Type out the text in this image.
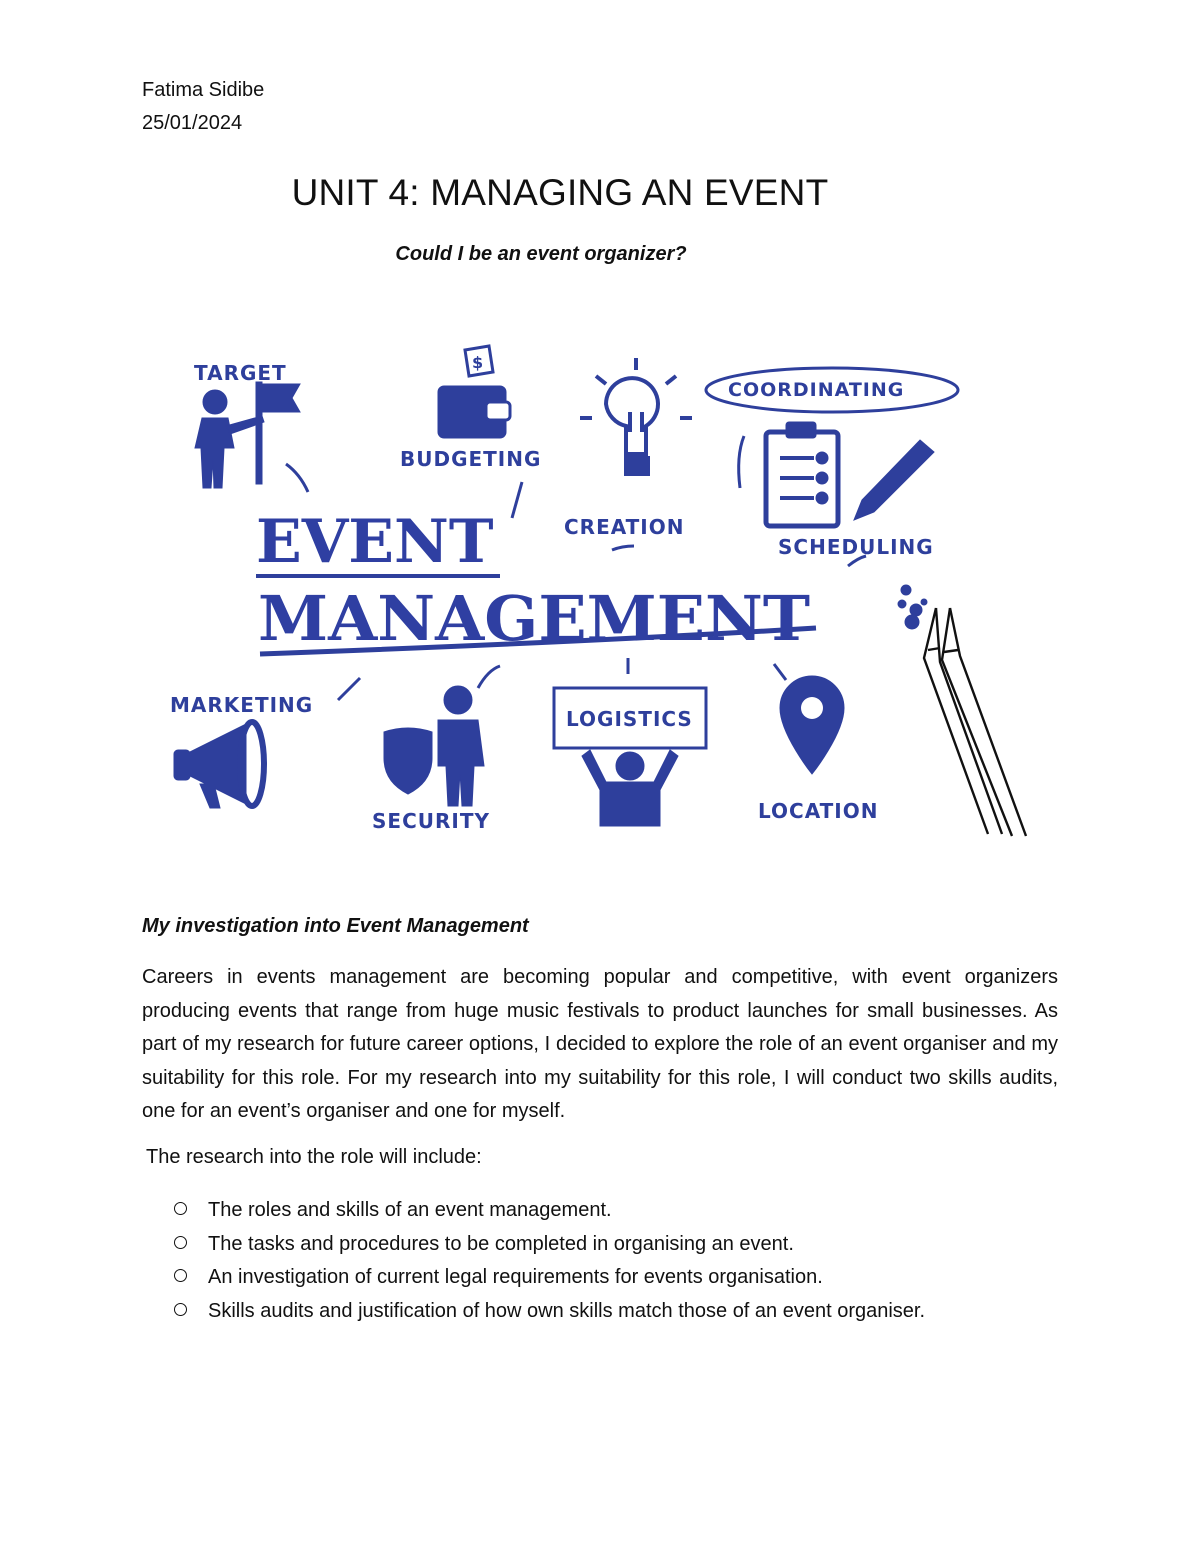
Fatima Sidibe
25/01/2024
UNIT 4: MANAGING AN EVENT

Could I be an event organizer?

$
TARGET
BUDGETING
CREATION
COORDINATING
SCHEDULING
MARKETING
SECURITY
LOGISTICS
LOCATION
EVENT
MANAGEMENT
My investigation into Event Management

Careers in events management are becoming popular and competitive, with event organizers producing events that range from huge music festivals to product launches for small businesses. As part of my research for future career options, I decided to explore the role of an event organiser and my suitability for this role. For my research into my suitability for this role, I will conduct two skills audits, one for an event’s organiser and one for myself.

The research into the role will include:

The roles and skills of an event management.
The tasks and procedures to be completed in organising an event.
An investigation of current legal requirements for events organisation.
Skills audits and justification of how own skills match those of an event organiser.
